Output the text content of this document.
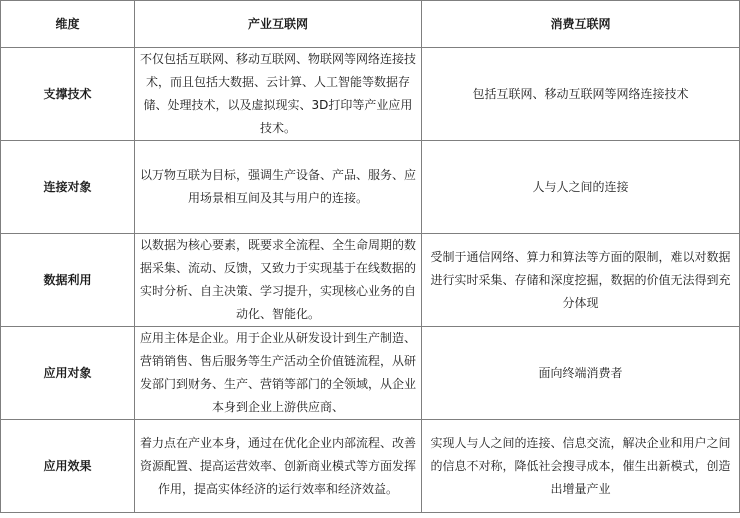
维度	产业互联网	消费互联网
支撑技术	不仅包括互联网、移动互联网、物联网等网络连接技术，而且包括大数据、云计算、人工智能等数据存储、处理技术，以及虚拟现实、3D打印等产业应用技术。	包括互联网、移动互联网等网络连接技术
连接对象	以万物互联为目标，强调生产设备、产品、服务、应用场景相互间及其与用户的连接。	人与人之间的连接
数据利用	以数据为核心要素，既要求全流程、全生命周期的数据采集、流动、反馈，又致力于实现基于在线数据的实时分析、自主决策、学习提升，实现核心业务的自动化、智能化。	受制于通信网络、算力和算法等方面的限制，难以对数据进行实时采集、存储和深度挖掘，数据的价值无法得到充分体现
应用对象	应用主体是企业。用于企业从研发设计到生产制造、营销销售、售后服务等生产活动全价值链流程，从研发部门到财务、生产、营销等部门的全领域，从企业本身到企业上游供应商、	面向终端消费者
应用效果	着力点在产业本身，通过在优化企业内部流程、改善资源配置、提高运营效率、创新商业模式等方面发挥作用，提高实体经济的运行效率和经济效益。	实现人与人之间的连接、信息交流，解决企业和用户之间的信息不对称，降低社会搜寻成本，催生出新模式，创造出增量产业
